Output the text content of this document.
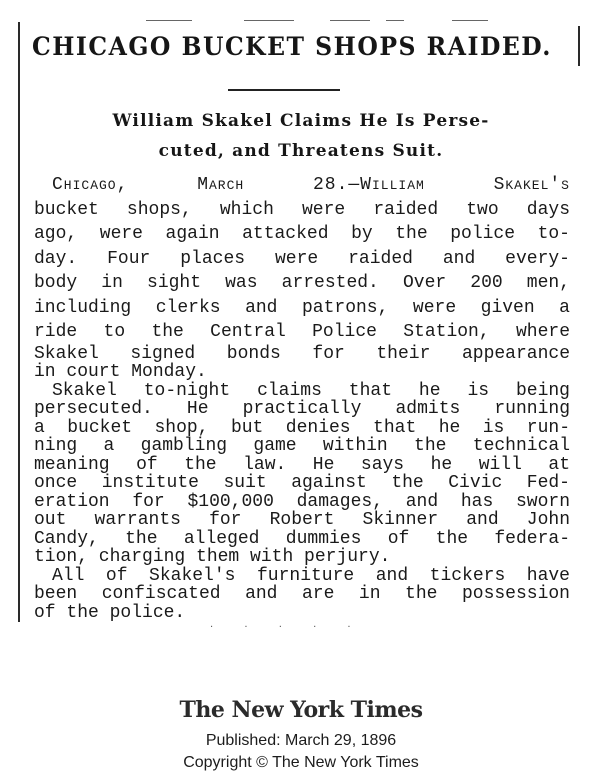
CHICAGO BUCKET SHOPS RAIDED.
William Skakel Claims He Is Perse-
cuted, and Threatens Suit.
Chicago, March 28.—William Skakel's
bucket shops, which were raided two days
ago, were again attacked by the police to-
day. Four places were raided and every-
body in sight was arrested. Over 200 men,
including clerks and patrons, were given a
ride to the Central Police Station, where
Skakel signed bonds for their appearance
in court Monday.
Skakel to-night claims that he is being
persecuted. He practically admits running
a bucket shop, but denies that he is run-
ning a gambling game within the technical
meaning of the law. He says he will at
once institute suit against the Civic Fed-
eration for $100,000 damages, and has sworn
out warrants for Robert Skinner and John
Candy, the alleged dummies of the federa-
tion, charging them with perjury.
All of Skakel's furniture and tickers have
been confiscated and are in the possession
of the police.
· · · · ·
The New York Times
Published: March 29, 1896
Copyright © The New York Times
